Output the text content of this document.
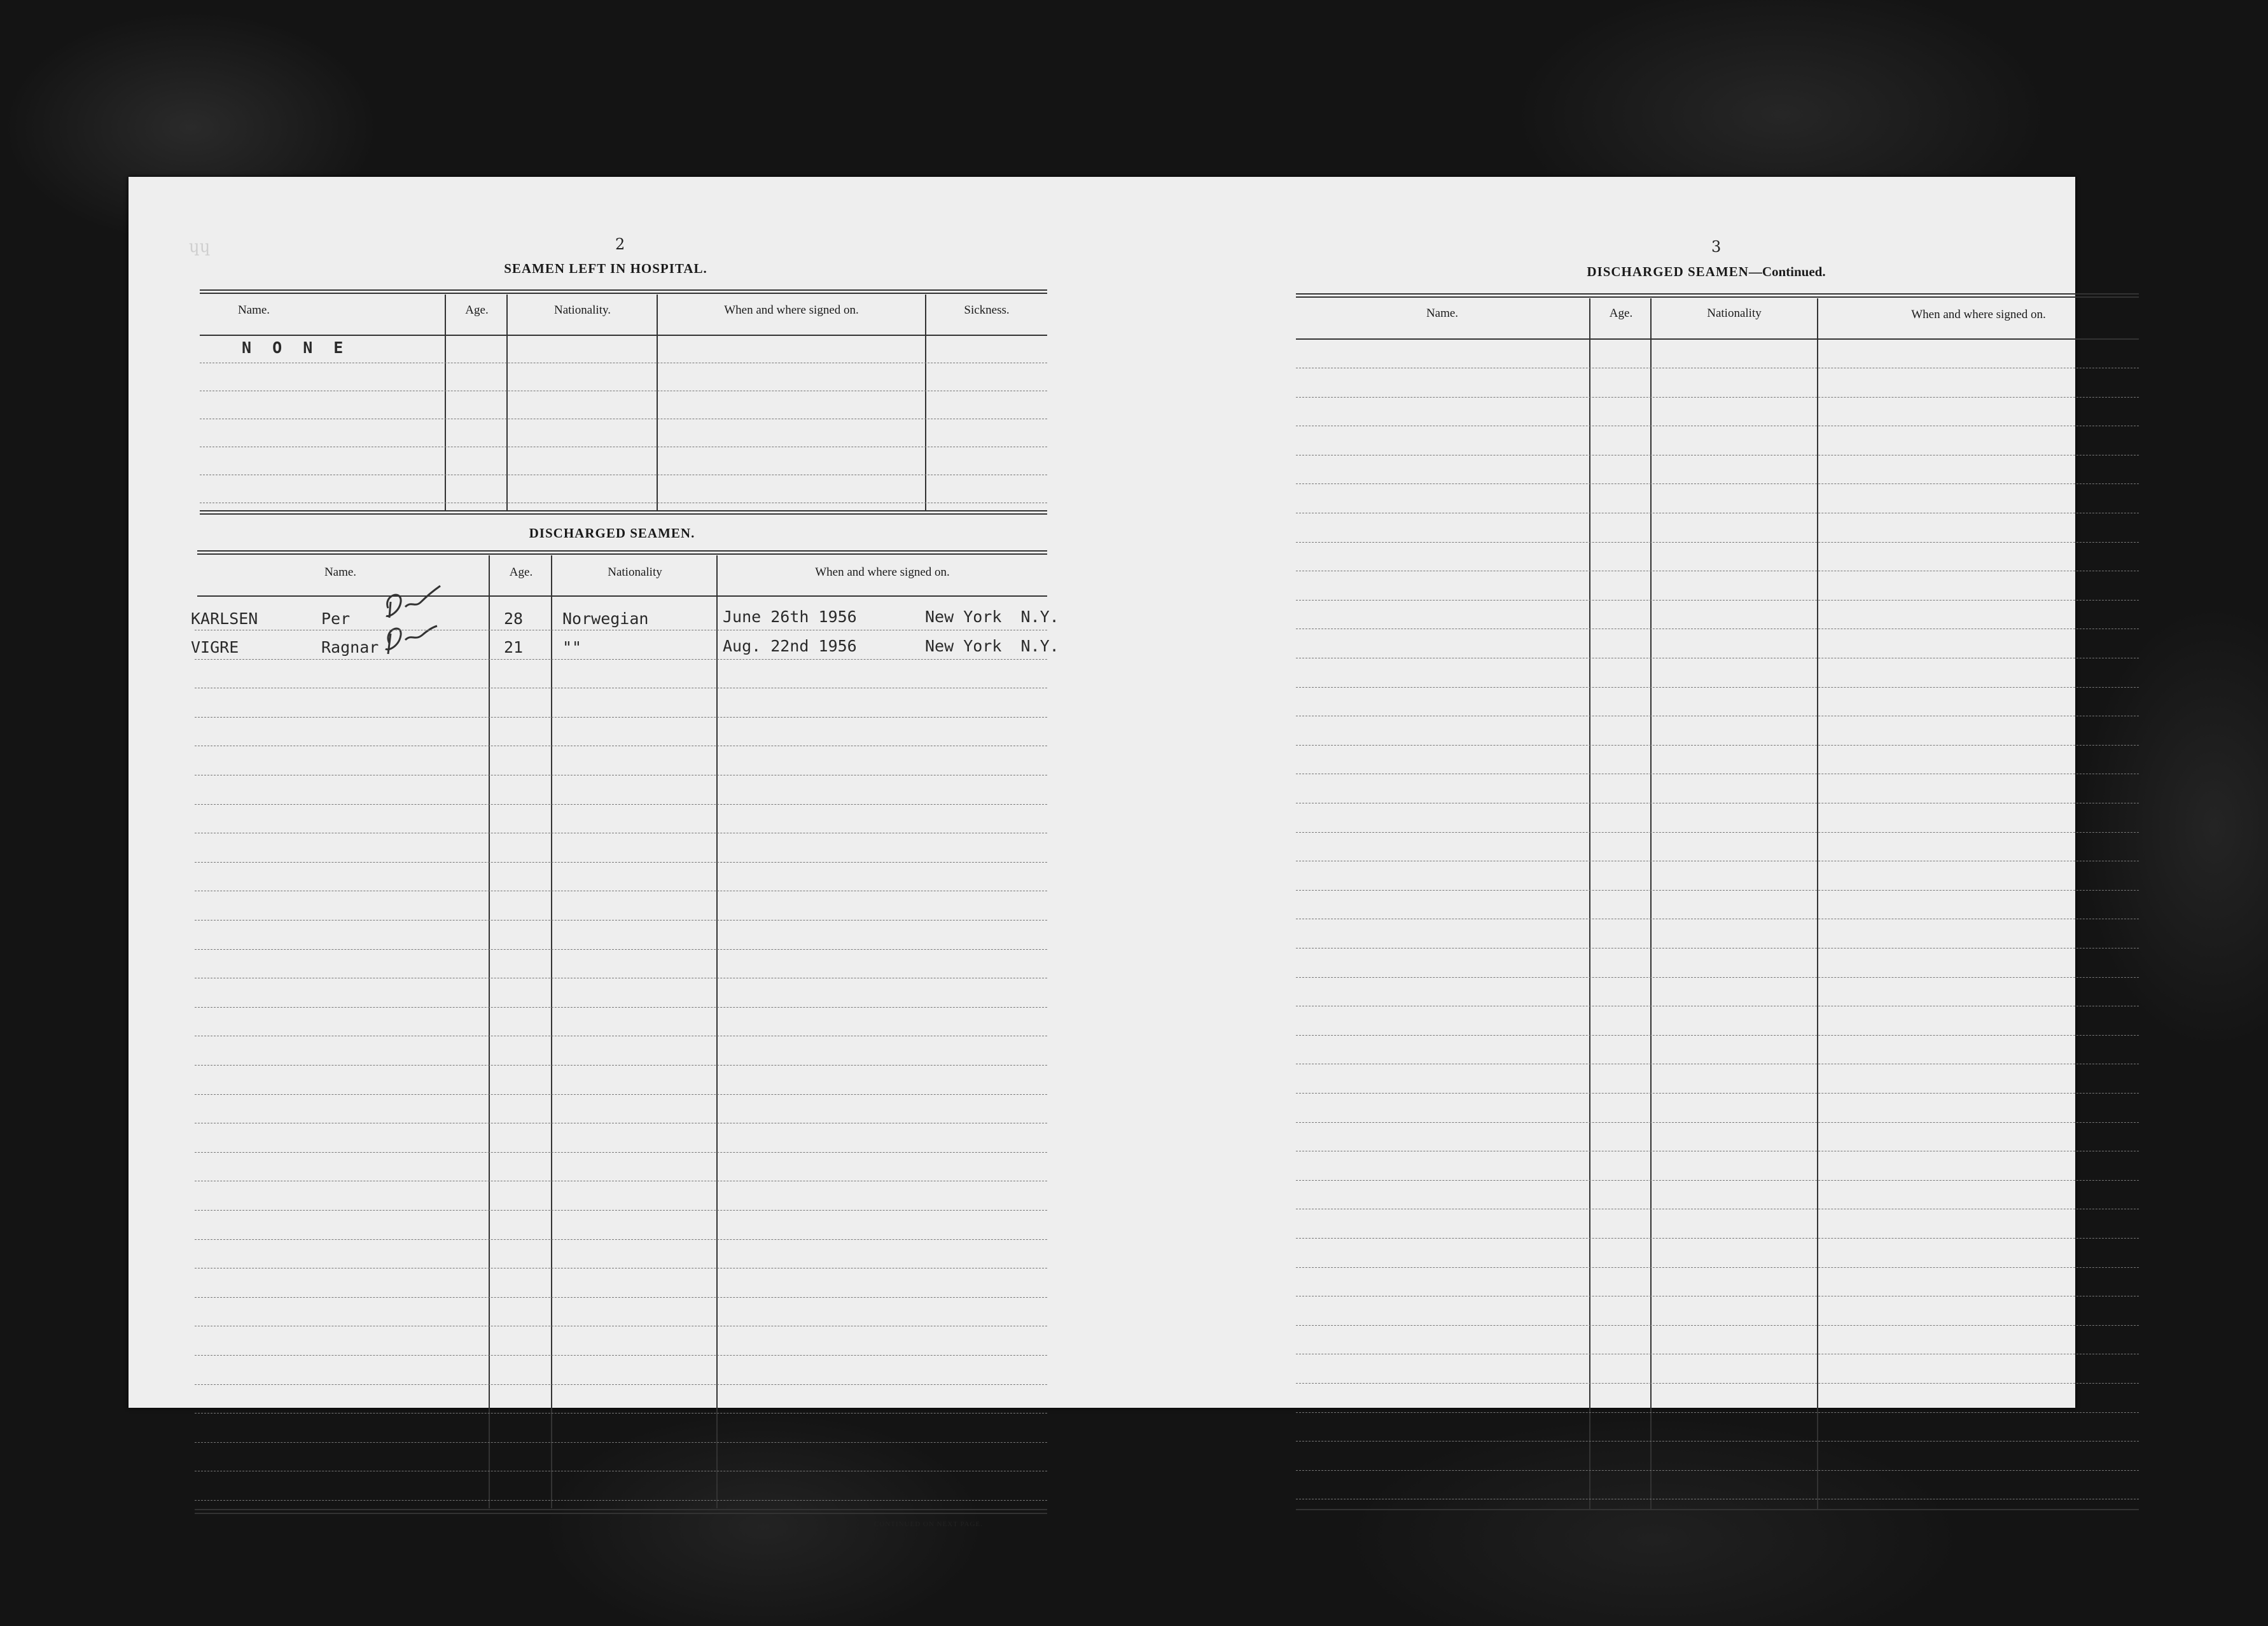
ɥɥ	2
SEAMEN LEFT IN HOSPITAL.
Name.	Age.	Nationality.	When and where signed on.	Sickness.
N O N E
DISCHARGED SEAMEN.
Name.	Age.	Nationality	When and where signed on.
KARLSEN	Per	28 Norwegian	June 26th 1956	New York  N.Y.
VIGRE	Ragnar	21 ""	Aug. 22nd 1956	New York  N.Y.
CONTINUED ON NEXT PAGE.
3
DISCHARGED SEAMEN—Continued.
Name.	Age.	Nationality	When and where signed on.
